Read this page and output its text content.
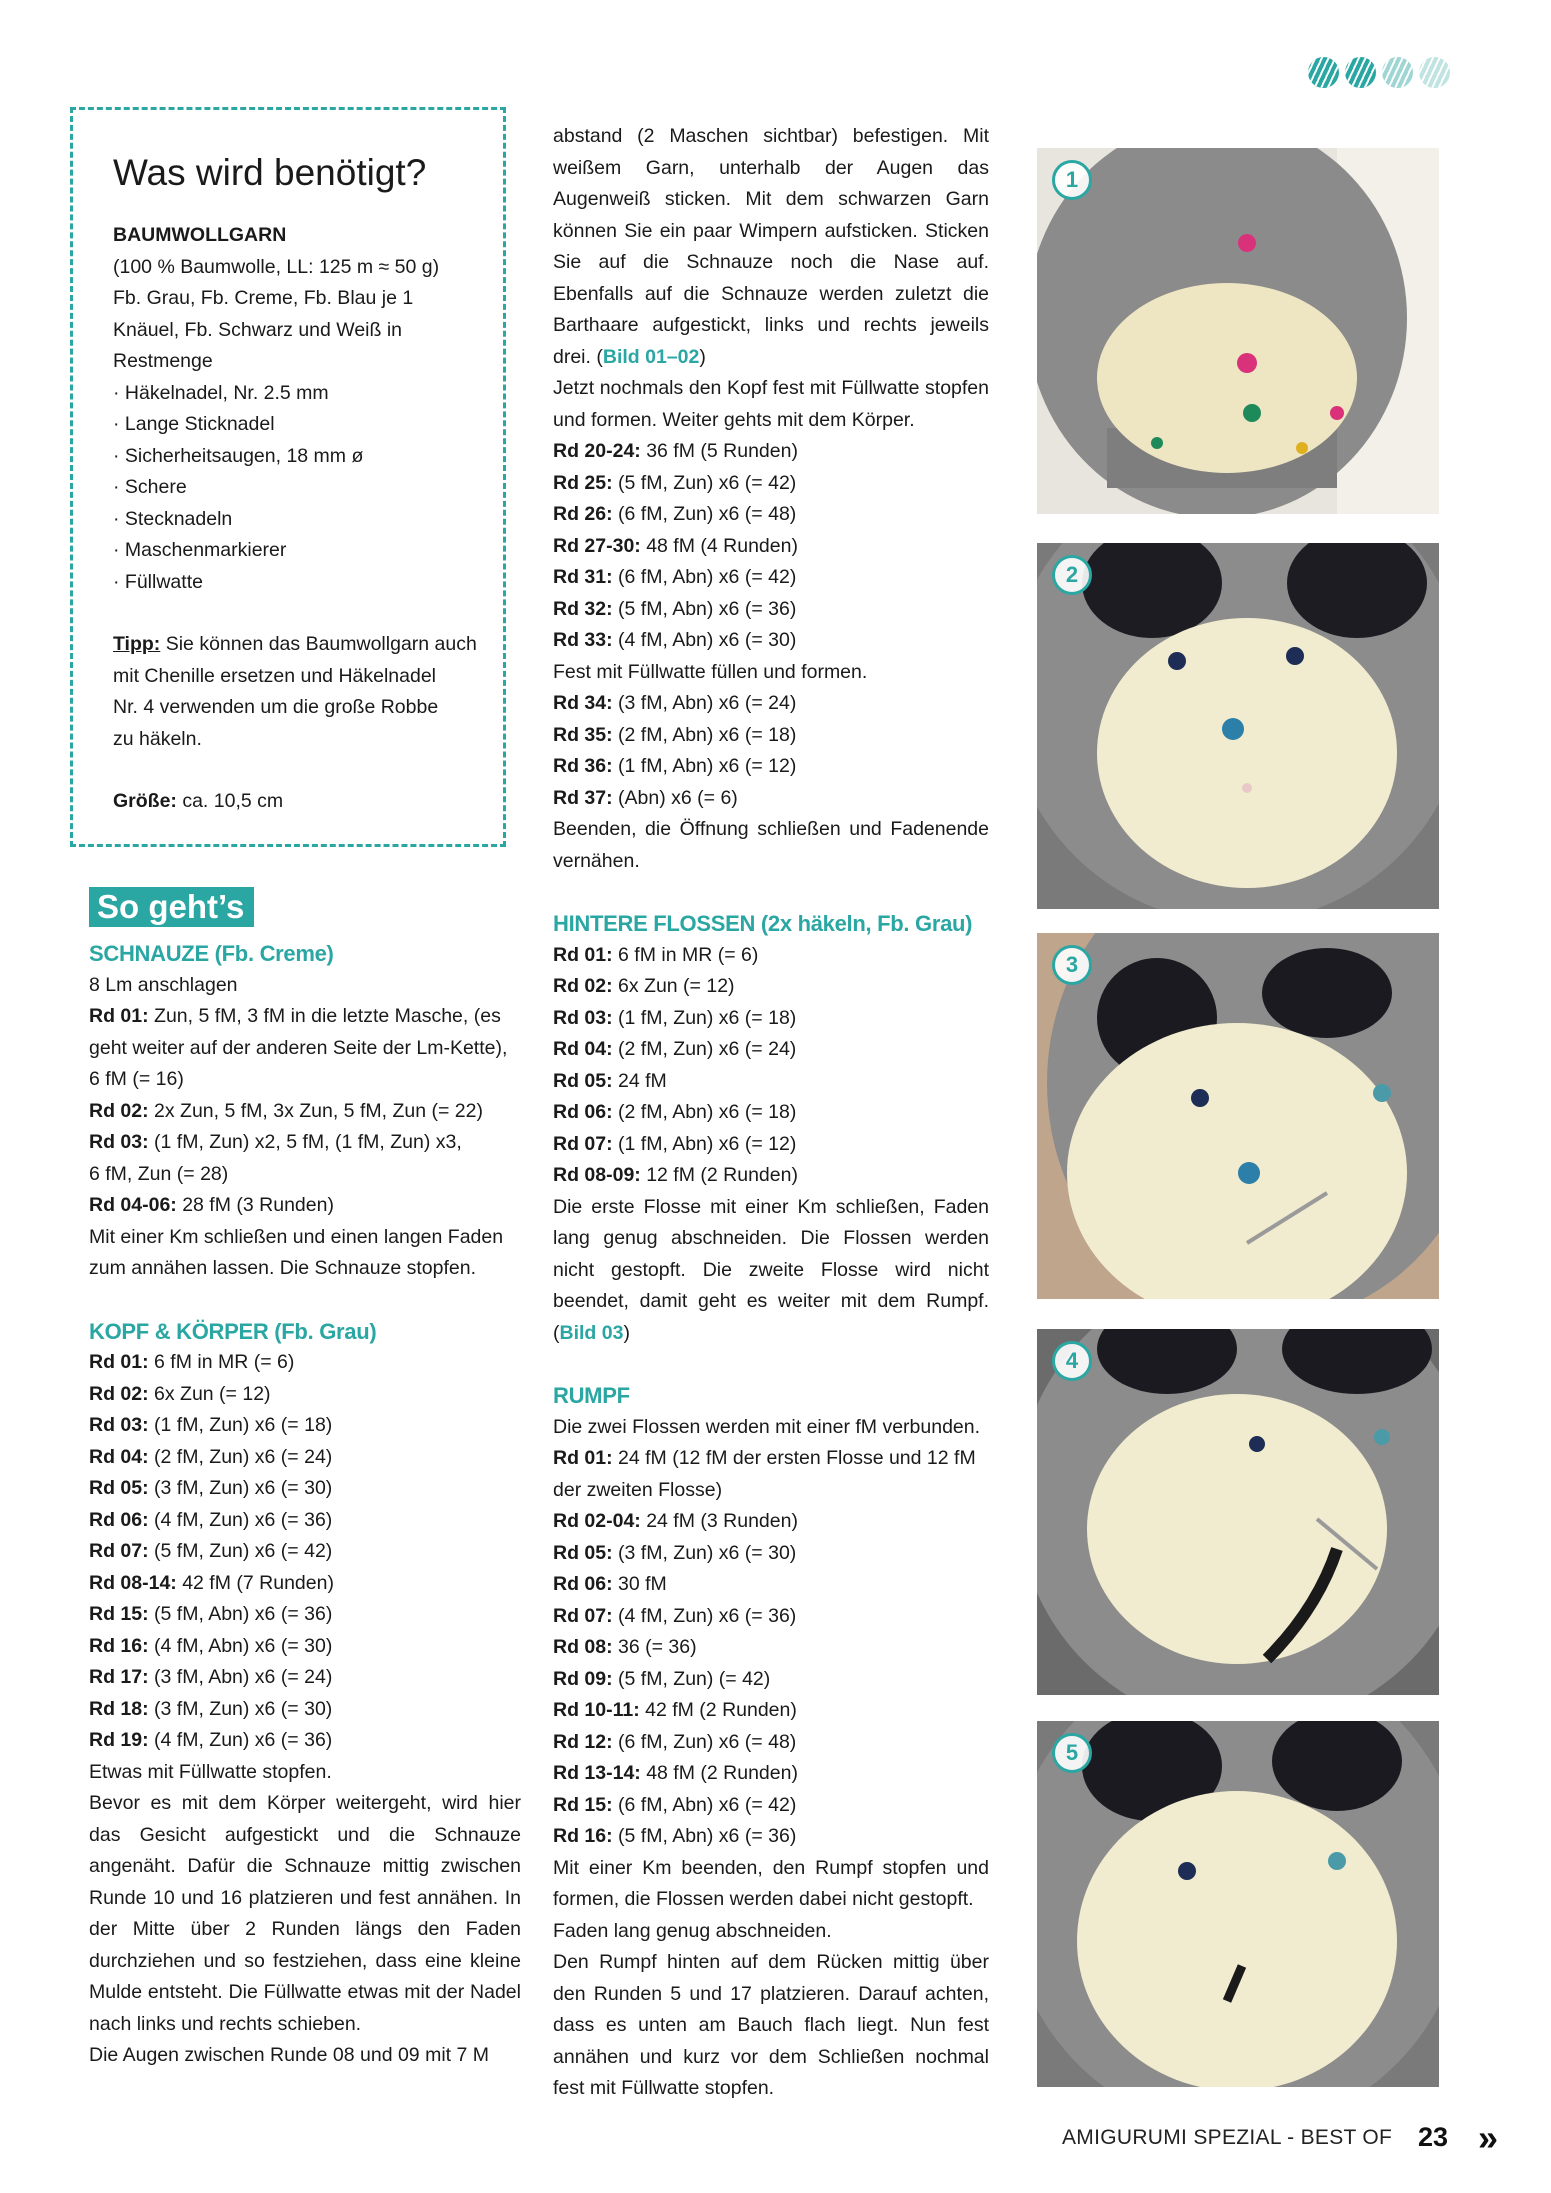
Was wird benötigt?
BAUMWOLLGARN
(100 % Baumwolle, LL: 125 m ≈ 50 g)
Fb. Grau, Fb. Creme, Fb. Blau je 1
Knäuel, Fb. Schwarz und Weiß in
Restmenge
· Häkelnadel, Nr. 2.5 mm
· Lange Sticknadel
· Sicherheitsaugen, 18 mm ø
· Schere
· Stecknadeln
· Maschenmarkierer
· Füllwatte
Tipp: Sie können das Baumwollgarn auch
mit Chenille ersetzen und Häkelnadel
Nr. 4 verwenden um die große Robbe
zu häkeln.
Größe: ca. 10,5 cm
So geht’s
SCHNAUZE (Fb. Creme)
8 Lm anschlagen
Rd 01: Zun, 5 fM, 3 fM in die letzte Masche, (es
geht weiter auf der anderen Seite der Lm-Kette),
6 fM (= 16)
Rd 02: 2x Zun, 5 fM, 3x Zun, 5 fM, Zun (= 22)
Rd 03: (1 fM, Zun) x2, 5 fM, (1 fM, Zun) x3,
6 fM, Zun (= 28)
Rd 04-06: 28 fM (3 Runden)
Mit einer Km schließen und einen langen Faden zum annähen lassen. Die Schnauze stopfen.
KOPF & KÖRPER (Fb. Grau)
Rd 01: 6 fM in MR (= 6)
Rd 02: 6x Zun (= 12)
Rd 03: (1 fM, Zun) x6 (= 18)
Rd 04: (2 fM, Zun) x6 (= 24)
Rd 05: (3 fM, Zun) x6 (= 30)
Rd 06: (4 fM, Zun) x6 (= 36)
Rd 07: (5 fM, Zun) x6 (= 42)
Rd 08-14: 42 fM (7 Runden)
Rd 15: (5 fM, Abn) x6 (= 36)
Rd 16: (4 fM, Abn) x6 (= 30)
Rd 17: (3 fM, Abn) x6 (= 24)
Rd 18: (3 fM, Zun) x6 (= 30)
Rd 19: (4 fM, Zun) x6 (= 36)
Etwas mit Füllwatte stopfen.
Bevor es mit dem Körper weitergeht, wird hier das Gesicht aufgestickt und die Schnauze angenäht. Dafür die Schnauze mittig zwischen Runde 10 und 16 platzieren und fest annähen. In der Mitte über 2 Runden längs den Faden durchziehen und so festziehen, dass eine kleine Mulde entsteht. Die Füllwatte etwas mit der Nadel nach links und rechts schieben.
Die Augen zwischen Runde 08 und 09 mit 7 M
abstand (2 Maschen sichtbar) befestigen. Mit weißem Garn, unterhalb der Augen das Augenweiß sticken. Mit dem schwarzen Garn können Sie ein paar Wimpern aufsticken. Sticken Sie auf die Schnauze noch die Nase auf. Ebenfalls auf die Schnauze werden zuletzt die Barthaare aufgestickt, links und rechts jeweils drei. (Bild 01–02)
Jetzt nochmals den Kopf fest mit Füllwatte stopfen und formen. Weiter gehts mit dem Körper.
Rd 20-24: 36 fM (5 Runden)
Rd 25: (5 fM, Zun) x6 (= 42)
Rd 26: (6 fM, Zun) x6 (= 48)
Rd 27-30: 48 fM (4 Runden)
Rd 31: (6 fM, Abn) x6 (= 42)
Rd 32: (5 fM, Abn) x6 (= 36)
Rd 33: (4 fM, Abn) x6 (= 30)
Fest mit Füllwatte füllen und formen.
Rd 34: (3 fM, Abn) x6 (= 24)
Rd 35: (2 fM, Abn) x6 (= 18)
Rd 36: (1 fM, Abn) x6 (= 12)
Rd 37: (Abn) x6 (= 6)
Beenden, die Öffnung schließen und Fadenende vernähen.
HINTERE FLOSSEN (2x häkeln, Fb. Grau)
Rd 01: 6 fM in MR (= 6)
Rd 02: 6x Zun (= 12)
Rd 03: (1 fM, Zun) x6 (= 18)
Rd 04: (2 fM, Zun) x6 (= 24)
Rd 05: 24 fM
Rd 06: (2 fM, Abn) x6 (= 18)
Rd 07: (1 fM, Abn) x6 (= 12)
Rd 08-09: 12 fM (2 Runden)
Die erste Flosse mit einer Km schließen, Faden lang genug abschneiden. Die Flossen werden nicht gestopft. Die zweite Flosse wird nicht beendet, damit geht es weiter mit dem Rumpf. (Bild 03)
RUMPF
Die zwei Flossen werden mit einer fM verbunden.
Rd 01: 24 fM (12 fM der ersten Flosse und 12 fM
der zweiten Flosse)
Rd 02-04: 24 fM (3 Runden)
Rd 05: (3 fM, Zun) x6 (= 30)
Rd 06: 30 fM
Rd 07: (4 fM, Zun) x6 (= 36)
Rd 08: 36 (= 36)
Rd 09: (5 fM, Zun) (= 42)
Rd 10-11: 42 fM (2 Runden)
Rd 12: (6 fM, Zun) x6 (= 48)
Rd 13-14: 48 fM (2 Runden)
Rd 15: (6 fM, Abn) x6 (= 42)
Rd 16: (5 fM, Abn) x6 (= 36)
Mit einer Km beenden, den Rumpf stopfen und formen, die Flossen werden dabei nicht gestopft.
Faden lang genug abschneiden.
Den Rumpf hinten auf dem Rücken mittig über den Runden 5 und 17 platzieren. Darauf achten, dass es unten am Bauch flach liegt. Nun fest annähen und kurz vor dem Schließen nochmal fest mit Füllwatte stopfen.
1
2
3
4
5
AMIGURUMI SPEZIAL - BEST OF 23 »
